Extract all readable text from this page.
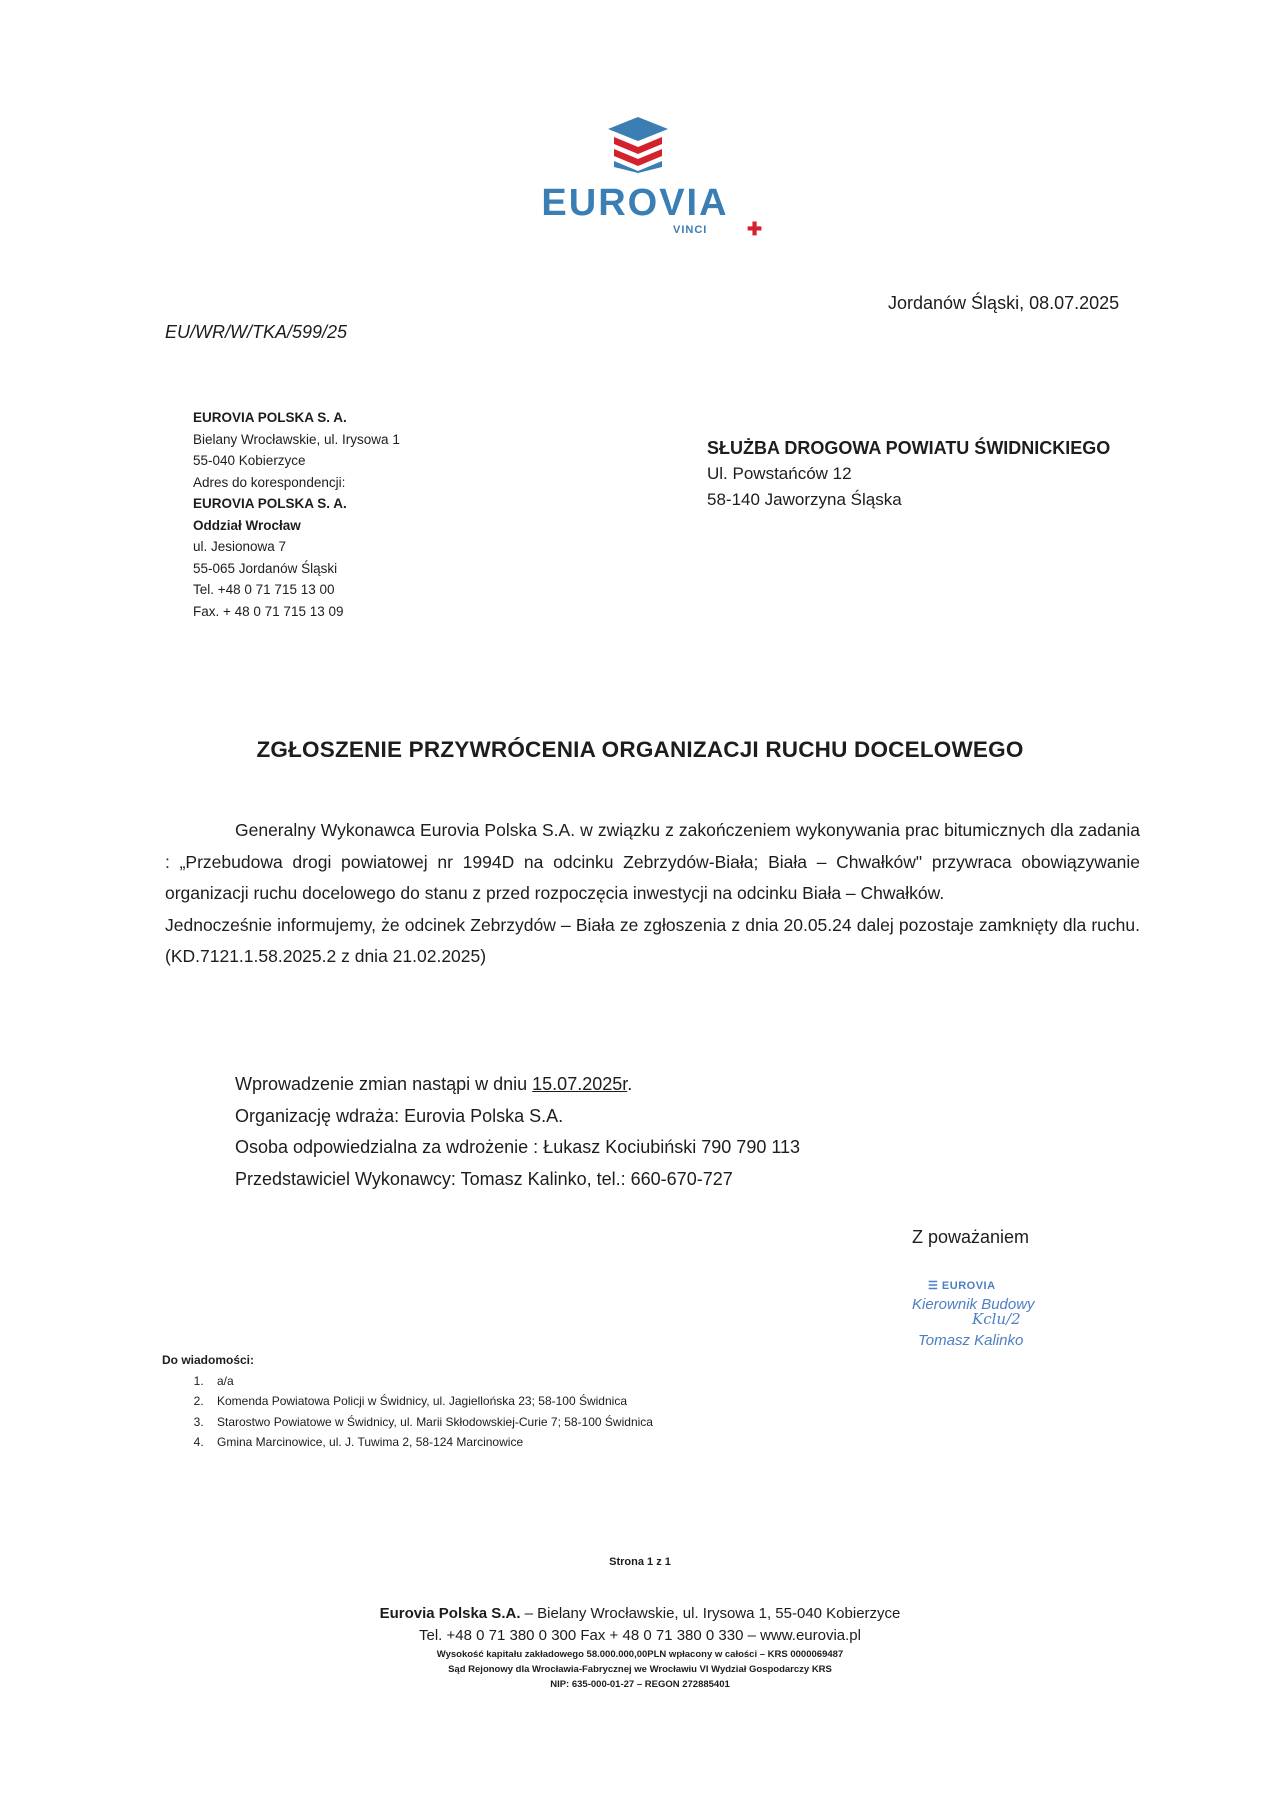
EUROVIA
VINCI ✚
Jordanów Śląski, 08.07.2025
EU/WR/W/TKA/599/25
EUROVIA POLSKA S. A.
Bielany Wrocławskie, ul. Irysowa 1
55-040 Kobierzyce
Adres do korespondencji:
EUROVIA POLSKA S. A.
Oddział Wrocław
ul. Jesionowa 7
55-065 Jordanów Śląski
Tel. +48 0 71 715 13 00
Fax. + 48 0 71 715 13 09
SŁUŻBA DROGOWA POWIATU ŚWIDNICKIEGO
Ul. Powstańców 12
58-140 Jaworzyna Śląska
ZGŁOSZENIE PRZYWRÓCENIA ORGANIZACJI RUCHU DOCELOWEGO

Generalny Wykonawca Eurovia Polska S.A. w związku z zakończeniem wykonywania prac bitumicznych dla zadania : „Przebudowa drogi powiatowej nr 1994D na odcinku Zebrzydów-Biała; Biała – Chwałków" przywraca obowiązywanie organizacji ruchu docelowego do stanu z przed rozpoczęcia inwestycji na odcinku Biała – Chwałków.

Jednocześnie informujemy, że odcinek Zebrzydów – Biała ze zgłoszenia z dnia 20.05.24 dalej pozostaje zamknięty dla ruchu. (KD.7121.1.58.2025.2 z dnia 21.02.2025)

Wprowadzenie zmian nastąpi w dniu 15.07.2025r.
Organizację wdraża: Eurovia Polska S.A.
Osoba odpowiedzialna za wdrożenie : Łukasz Kociubiński 790 790 113
Przedstawiciel Wykonawcy: Tomasz Kalinko, tel.: 660-670-727
Z poważaniem
☰ EUROVIA
Kierownik Budowy
Kclu/2
Tomasz Kalinko
Do wiadomości:
1. a/a
2. Komenda Powiatowa Policji w Świdnicy, ul. Jagiellońska 23; 58-100 Świdnica
3. Starostwo Powiatowe w Świdnicy, ul. Marii Skłodowskiej-Curie 7; 58-100 Świdnica
4. Gmina Marcinowice, ul. J. Tuwima 2, 58-124 Marcinowice
Strona 1 z 1
Eurovia Polska S.A. – Bielany Wrocławskie, ul. Irysowa 1, 55-040 Kobierzyce
Tel. +48 0 71 380 0 300 Fax + 48 0 71 380 0 330 – www.eurovia.pl
Wysokość kapitału zakładowego 58.000.000,00PLN wpłacony w całości – KRS 0000069487
Sąd Rejonowy dla Wrocławia-Fabrycznej we Wrocławiu VI Wydział Gospodarczy KRS
NIP: 635-000-01-27 – REGON 272885401
